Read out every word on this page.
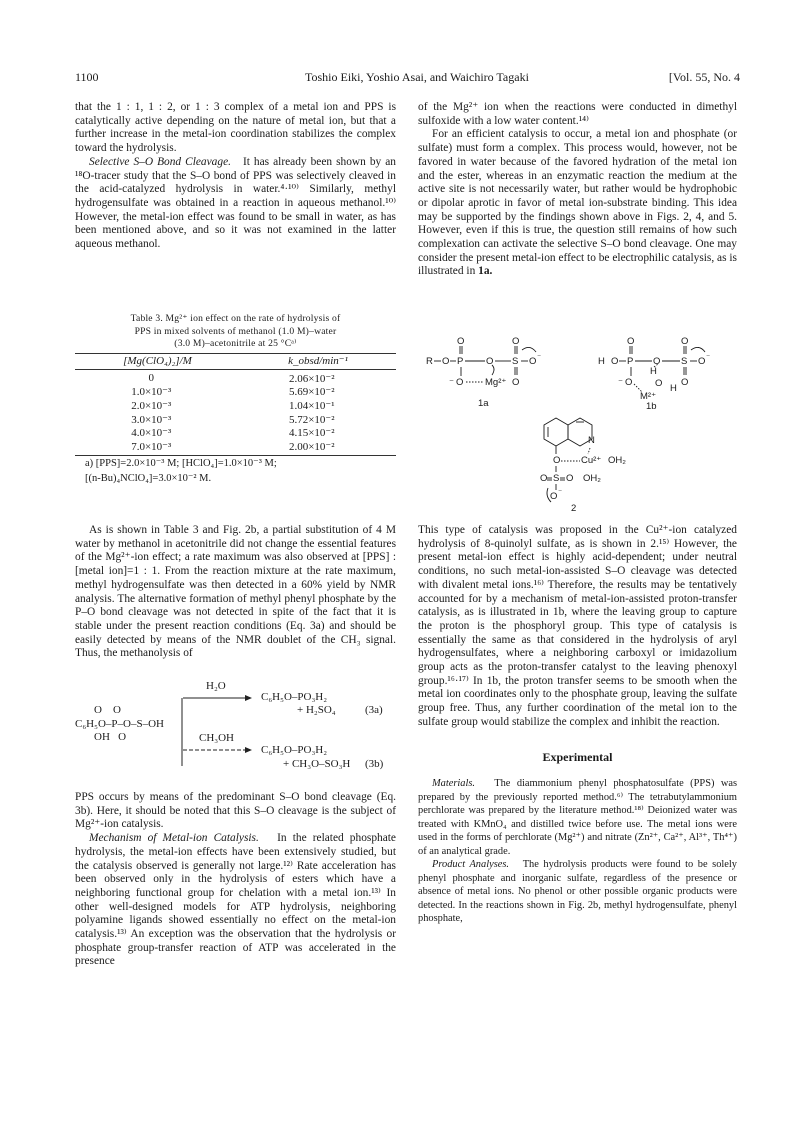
1100	Toshio Eiki, Yoshio Asai, and Waichiro Tagaki	[Vol. 55, No. 4

that the 1 : 1, 1 : 2, or 1 : 3 complex of a metal ion and PPS is catalytically active depending on the nature of metal ion, but that a further increase in the metal-ion coordination stabilizes the complex toward the hydrolysis.

Selective S–O Bond Cleavage. It has already been shown by an ¹⁸O-tracer study that the S–O bond of PPS was selectively cleaved in the acid-catalyzed hydrolysis in water.⁴·¹⁰⁾ Similarly, methyl hydrogensulfate was obtained in a reaction in aqueous methanol.¹⁰⁾ However, the metal-ion effect was found to be small in water, as has been mentioned above, and so it was not examined in the latter aqueous methanol.

Table 3. Mg²⁺ ion effect on the rate of hydrolysis of
PPS in mixed solvents of methanol (1.0 M)–water
(3.0 M)–acetonitrile at 25 °Cᵃ⁾
[Mg(ClO₄)₂]/M	k_obsd/min⁻¹
0	2.06×10⁻²
1.0×10⁻³	5.69×10⁻²
2.0×10⁻³	1.04×10⁻¹
3.0×10⁻³	5.72×10⁻²
4.0×10⁻³	4.15×10⁻²
7.0×10⁻³	2.00×10⁻²
a) [PPS]=2.0×10⁻³ M; [HClO₄]=1.0×10⁻³ M;
[(n-Bu)₄NClO₄]=3.0×10⁻² M.

As is shown in Table 3 and Fig. 2b, a partial substitution of 4 M water by methanol in acetonitrile did not change the essential features of the Mg²⁺-ion effect; a rate maximum was also observed at [PPS] : [metal ion]=1 : 1. From the reaction mixture at the rate maximum, methyl hydrogensulfate was then detected in a 60% yield by NMR analysis. The alternative formation of methyl phenyl phosphate by the P–O bond cleavage was not detected in spite of the fact that it is stable under the present reaction conditions (Eq. 3a) and should be easily detected by means of the NMR doublet of the CH₃ signal. Thus, the methanolysis of

H₂O
C₆H₅O–PO₃H₂
+ H₂SO₄	(3a)
O    O
C₆H₅O–P–O–S–OH
OH   O	CH₃OH
C₆H₅O–PO₃H₂
+ CH₃O–SO₃H (3b)

PPS occurs by means of the predominant S–O bond cleavage (Eq. 3b). Here, it should be noted that this S–O cleavage is the subject of Mg²⁺-ion catalysis.

Mechanism of Metal-ion Catalysis. In the related phosphate hydrolysis, the metal-ion effects have been extensively studied, but the catalysis observed is generally not large.¹²⁾ Rate acceleration has been observed only in the hydrolysis of esters which have a neighboring functional group for chelation with a metal ion.¹³⁾ In other well-designed models for ATP hydrolysis, neighboring polyamine ligands showed essentially no effect on the metal-ion catalysis.¹³⁾ An exception was the observation that the hydrolysis or phosphate group-transfer reaction of ATP was accelerated in the presence

of the Mg²⁺ ion when the reactions were conducted in dimethyl sulfoxide with a low water content.¹⁴⁾

For an efficient catalysis to occur, a metal ion and phosphate (or sulfate) must form a complex. This process would, however, not be favored in water because of the favored hydration of the metal ion and the ester, whereas in an enzymatic reaction the medium at the active site is not necessarily water, but rather would be hydrophobic or dipolar aprotic in favor of metal ion-substrate binding. This idea may be supported by the findings shown above in Figs. 2, 4, and 5. However, even if this is true, the question still remains of how such complexation can activate the selective S–O bond cleavage. One may consider the present metal-ion effect to be electrophilic catalysis, as is illustrated in 1a.

R O P
O
O S
O
O
O ⁻
⁻ O Mg²⁺
1a
H O P
O
O S
O
O
O ⁻
⁻ O
H
O H
M²⁺
1b
N
O Cu²⁺ OH₂
O S O OH₂
O ⁻
2

This type of catalysis was proposed in the Cu²⁺-ion catalyzed hydrolysis of 8-quinolyl sulfate, as is shown in 2.¹⁵⁾ However, the present metal-ion effect is highly acid-dependent; under neutral conditions, no such metal-ion-assisted S–O cleavage was detected with divalent metal ions.¹⁶⁾ Therefore, the results may be tentatively accounted for by a mechanism of metal-ion-assisted proton-transfer catalysis, as is illustrated in 1b, where the leaving group to capture the proton is the phosphoryl group. This type of catalysis is essentially the same as that considered in the hydrolysis of aryl hydrogensulfates, where a neighboring carboxyl or imidazolium group acts as the proton-transfer catalyst to the leaving phenoxyl group.¹⁶·¹⁷⁾ In 1b, the proton transfer seems to be smooth when the metal ion coordinates only to the phosphate group, leaving the sulfate group free. Thus, any further coordination of the metal ion to the sulfate group would stabilize the complex and inhibit the reaction.

Experimental

Materials. The diammonium phenyl phosphatosulfate (PPS) was prepared by the previously reported method.⁶⁾ The tetrabutylammonium perchlorate was prepared by the literature method.¹⁸⁾ Deionized water was treated with KMnO₄ and distilled twice before use. The metal ions were used in the forms of perchlorate (Mg²⁺) and nitrate (Zn²⁺, Ca²⁺, Al³⁺, Th⁴⁺) of an analytical grade.

Product Analyses. The hydrolysis products were found to be solely phenyl phosphate and inorganic sulfate, regardless of the presence or absence of metal ions. No phenol or other possible organic products were detected. In the reactions shown in Fig. 2b, methyl hydrogensulfate, phenyl phosphate,
